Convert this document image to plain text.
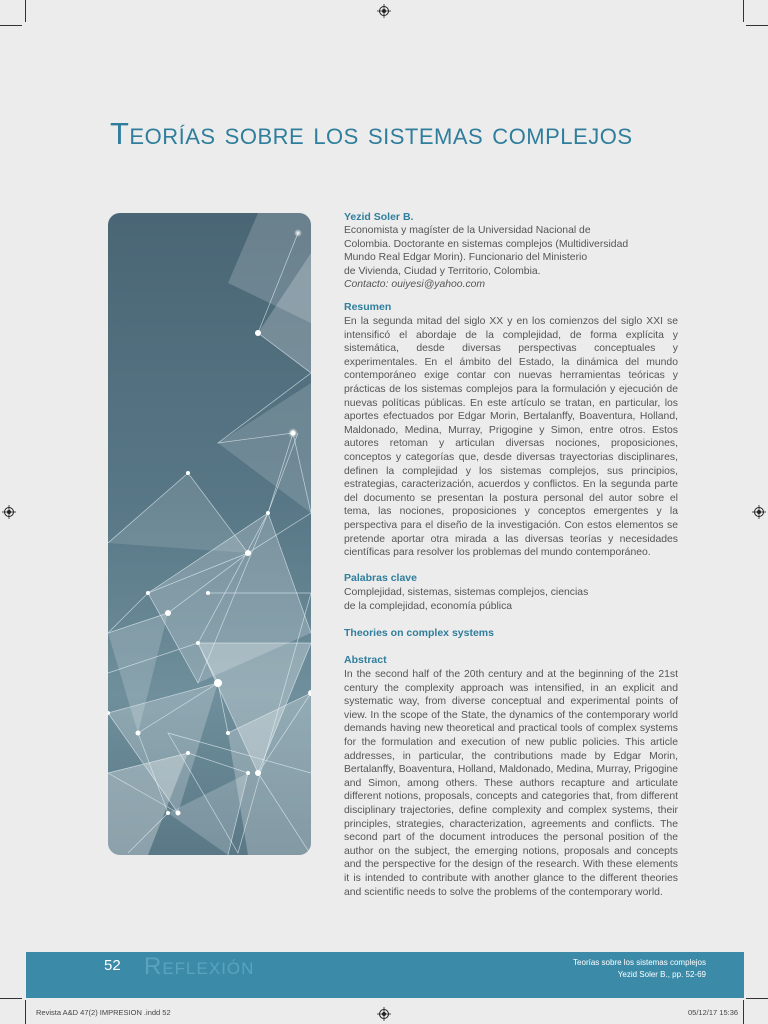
Teorías sobre los sistemas complejos
Yezid Soler B.
Economista y magíster de la Universidad Nacional de
Colombia. Doctorante en sistemas complejos (Multidiversidad
Mundo Real Edgar Morin). Funcionario del Ministerio
de Vivienda, Ciudad y Territorio, Colombia.
Contacto: ouiyesi@yahoo.com
Resumen
En la segunda mitad del siglo XX y en los comienzos del siglo XXI se intensificó el abordaje de la complejidad, de forma explícita y sistemática, desde diversas perspectivas conceptuales y experimentales. En el ámbito del Estado, la dinámica del mundo contemporáneo exige contar con nuevas herramientas teóricas y prácticas de los sistemas complejos para la formulación y ejecución de nuevas políticas públicas. En este artículo se tratan, en particular, los aportes efectuados por Edgar Morin, Bertalanffy, Boaventura, Holland, Maldonado, Medina, Murray, Prigogine y Simon, entre otros. Estos autores retoman y articulan diversas nociones, proposiciones, conceptos y categorías que, desde diversas trayectorias disciplinares, definen la complejidad y los sistemas complejos, sus principios, estrategias, caracterización, acuerdos y conflictos. En la segunda parte del documento se presentan la postura personal del autor sobre el tema, las nociones, proposiciones y conceptos emergentes y la perspectiva para el diseño de la investigación. Con estos elementos se pretende aportar otra mirada a las diversas teorías y necesidades científicas para resolver los problemas del mundo contemporáneo.
Palabras clave
Complejidad, sistemas, sistemas complejos, ciencias
de la complejidad, economía pública
Theories on complex systems
Abstract
In the second half of the 20th century and at the beginning of the 21st century the complexity approach was intensified, in an explicit and systematic way, from diverse conceptual and experimental points of view. In the scope of the State, the dynamics of the contemporary world demands having new theoretical and practical tools of complex systems for the formulation and execution of new public policies. This article addresses, in particular, the contributions made by Edgar Morin, Bertalanffy, Boaventura, Holland, Maldonado, Medina, Murray, Prigogine and Simon, among others. These authors recapture and articulate different notions, proposals, concepts and categories that, from different disciplinary trajectories, define complexity and complex systems, their principles, strategies, characterization, agreements and conflicts. The second part of the document introduces the personal position of the author on the subject, the emerging notions, proposals and concepts and the perspective for the design of the research. With these elements it is intended to contribute with another glance to the different theories and scientific needs to solve the problems of the contemporary world.
52 Reflexión	Teorías sobre los sistemas complejos
Yezid Soler B., pp. 52-69
Revista A&D 47(2) IMPRESION .indd 52	05/12/17 15:36
